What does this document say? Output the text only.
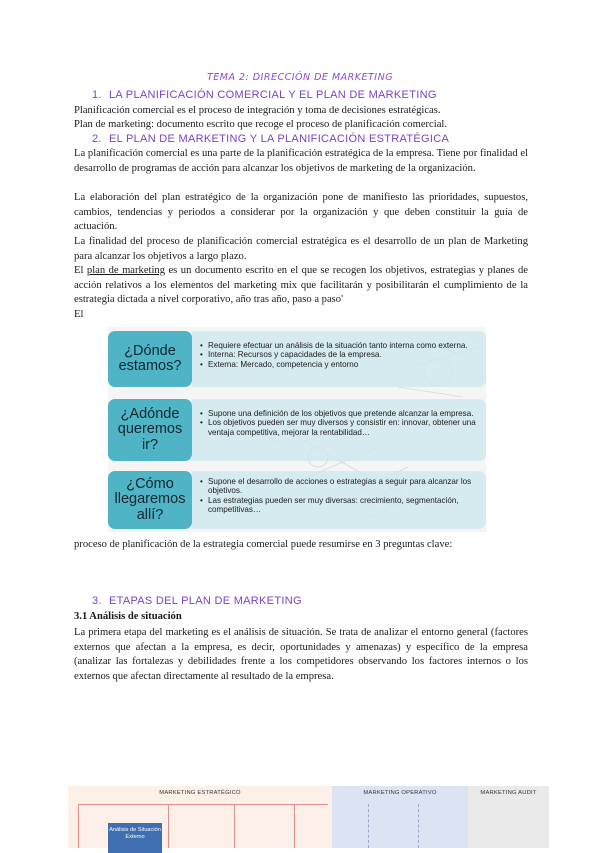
TEMA 2: DIRECCIÓN DE MARKETING
1. LA PLANIFICACIÓN COMERCIAL Y EL PLAN DE MARKETING
Planificación comercial es el proceso de integración y toma de decisiones estratégicas.
Plan de marketing: documento escrito que recoge el proceso de planificación comercial.
2. EL PLAN DE MARKETING Y LA PLANIFICACIÓN ESTRATÉGICA
La planificación comercial es una parte de la planificación estratégica de la empresa. Tiene por finalidad el desarrollo de programas de acción para alcanzar los objetivos de marketing de la organización.
La elaboración del plan estratégico de la organización pone de manifiesto las prioridades, supuestos, cambios, tendencias y periodos a considerar por la organización y que deben constituir la guía de actuación.
La finalidad del proceso de planificación comercial estratégica es el desarrollo de un plan de Marketing para alcanzar los objetivos a largo plazo.
El plan de marketing es un documento escrito en el que se recogen los objetivos, estrategias y planes de acción relativos a los elementos del marketing mix que facilitarán y posibilitarán el cumplimiento de la estrategia dictada a nivel corporativo, año tras año, paso a paso'
El
• Requiere efectuar un análisis de la situación tanto interna como externa.
• Interna: Recursos y capacidades de la empresa.
• Externa: Mercado, competencia y entorno
¿Dónde estamos?
• Supone una definición de los objetivos que pretende alcanzar la empresa.
• Los objetivos pueden ser muy diversos y consistir en: innovar, obtener una ventaja competitiva, mejorar la rentabilidad…
¿Adónde queremos ir?
• Supone el desarrollo de acciones o estrategias a seguir para alcanzar los objetivos.
• Las estrategias pueden ser muy diversas: crecimiento, segmentación, competitivas…
¿Cómo llegaremos allí?
proceso de planificación de la estrategia comercial puede resumirse en 3 preguntas clave:
3. ETAPAS DEL PLAN DE MARKETING
3.1 Análisis de situación
La primera etapa del marketing es el análisis de situación. Se trata de analizar el entorno general (factores externos que afectan a la empresa, es decir, oportunidades y amenazas) y específico de la empresa (analizar las fortalezas y debilidades frente a los competidores observando los factores internos o los externos que afectan directamente al resultado de la empresa.
MARKETING ESTRATÉGICO	MARKETING OPERATIVO	MARKETING AUDIT
Análisis de Situación Externo
